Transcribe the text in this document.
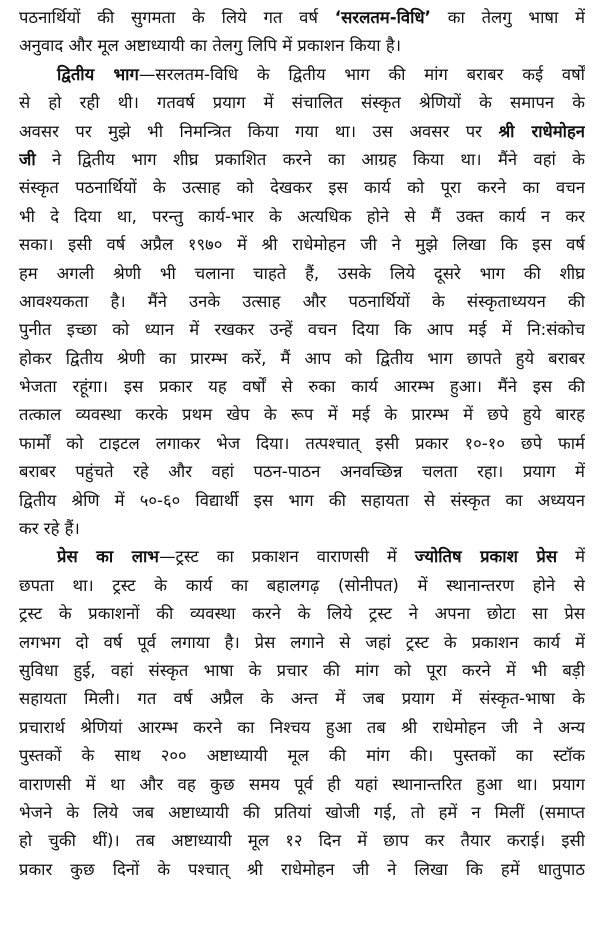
पठनार्थियों की सुगमता के लिये गत वर्ष ‘सरलतम-विधि’ का तेलगु भाषा में
अनुवाद और मूल अष्टाध्यायी का तेलगु लिपि में प्रकाशन किया है।
द्वितीय भाग—सरलतम-विधि के द्वितीय भाग की मांग बराबर कई वर्षों
से हो रही थी। गतवर्ष प्रयाग में संचालित संस्कृत श्रेणियों के समापन के
अवसर पर मुझे भी निमन्त्रित किया गया था। उस अवसर पर श्री राधेमोहन
जी ने द्वितीय भाग शीघ्र प्रकाशित करने का आग्रह किया था। मैंने वहां के
संस्कृत पठनार्थियों के उत्साह को देखकर इस कार्य को पूरा करने का वचन
भी दे दिया था, परन्तु कार्य-भार के अत्यधिक होने से मैं उक्त कार्य न कर
सका। इसी वर्ष अप्रैल १९७० में श्री राधेमोहन जी ने मुझे लिखा कि इस वर्ष
हम अगली श्रेणी भी चलाना चाहते हैं, उसके लिये दूसरे भाग की शीघ्र
आवश्यकता है। मैंने उनके उत्साह और पठनार्थियों के संस्कृताध्ययन की
पुनीत इच्छा को ध्यान में रखकर उन्हें वचन दिया कि आप मई में नि:संकोच
होकर द्वितीय श्रेणी का प्रारम्भ करें, मैं आप को द्वितीय भाग छापते हुये बराबर
भेजता रहूंगा। इस प्रकार यह वर्षों से रुका कार्य आरम्भ हुआ। मैंने इस की
तत्काल व्यवस्था करके प्रथम खेप के रूप में मई के प्रारम्भ में छपे हुये बारह
फार्मों को टाइटल लगाकर भेज दिया। तत्पश्चात् इसी प्रकार १०-१० छपे फार्म
बराबर पहुंचते रहे और वहां पठन-पाठन अनवच्छिन्न चलता रहा। प्रयाग में
द्वितीय श्रेणि में ५०-६० विद्यार्थी इस भाग की सहायता से संस्कृत का अध्ययन
कर रहे हैं।
प्रेस का लाभ—ट्रस्ट का प्रकाशन वाराणसी में ज्योतिष प्रकाश प्रेस में
छपता था। ट्रस्ट के कार्य का बहालगढ़ (सोनीपत) में स्थानान्तरण होने से
ट्रस्ट के प्रकाशनों की व्यवस्था करने के लिये ट्रस्ट ने अपना छोटा सा प्रेस
लगभग दो वर्ष पूर्व लगाया है। प्रेस लगाने से जहां ट्रस्ट के प्रकाशन कार्य में
सुविधा हुई, वहां संस्कृत भाषा के प्रचार की मांग को पूरा करने में भी बड़ी
सहायता मिली। गत वर्ष अप्रैल के अन्त में जब प्रयाग में संस्कृत-भाषा के
प्रचारार्थ श्रेणियां आरम्भ करने का निश्चय हुआ तब श्री राधेमोहन जी ने अन्य
पुस्तकों के साथ २०० अष्टाध्यायी मूल की मांग की। पुस्तकों का स्टॉक
वाराणसी में था और वह कुछ समय पूर्व ही यहां स्थानान्तरित हुआ था। प्रयाग
भेजने के लिये जब अष्टाध्यायी की प्रतियां खोजी गई, तो हमें न मिलीं (समाप्त
हो चुकी थीं)। तब अष्टाध्यायी मूल १२ दिन में छाप कर तैयार कराई। इसी
प्रकार कुछ दिनों के पश्चात् श्री राधेमोहन जी ने लिखा कि हमें धातुपाठ
